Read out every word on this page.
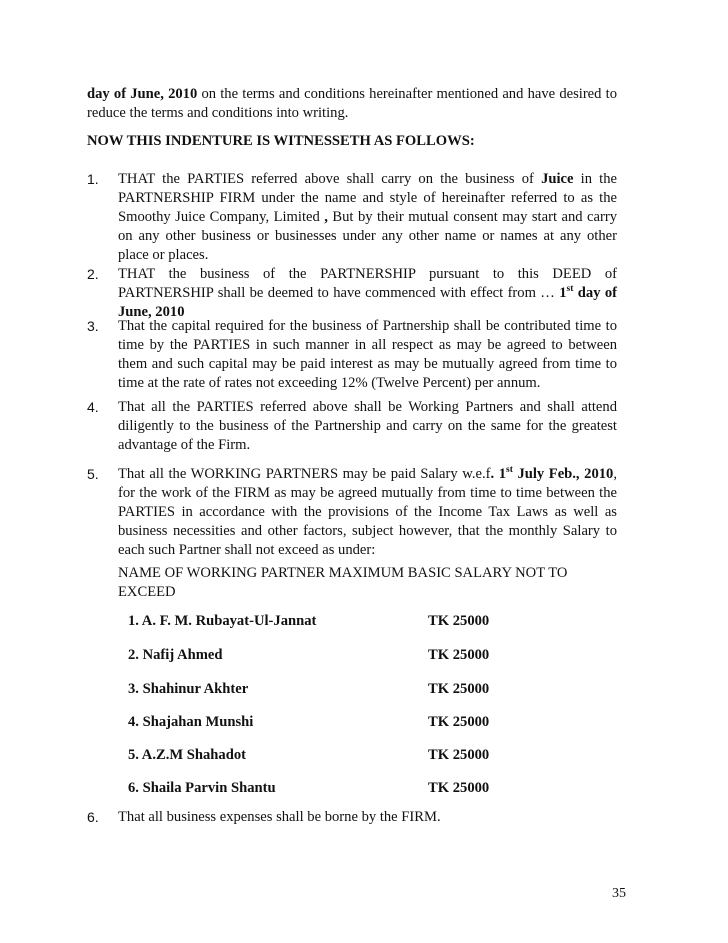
day of June, 2010 on the terms and conditions hereinafter mentioned and have desired to reduce the terms and conditions into writing.

NOW THIS INDENTURE IS WITNESSETH AS FOLLOWS:

1.	THAT the PARTIES referred above shall carry on the business of Juice in the PARTNERSHIP FIRM under the name and style of hereinafter referred to as the Smoothy Juice Company, Limited , But by their mutual consent may start and carry on any other business or businesses under any other name or names at any other place or places.

2.	THAT the business of the PARTNERSHIP pursuant to this DEED of PARTNERSHIP shall be deemed to have commenced with effect from … 1st day of June, 2010

3.	That the capital required for the business of Partnership shall be contributed time to time by the PARTIES in such manner in all respect as may be agreed to between them and such capital may be paid interest as may be mutually agreed from time to time at the rate of rates not exceeding 12% (Twelve Percent) per annum.

4.	That all the PARTIES referred above shall be Working Partners and shall attend diligently to the business of the Partnership and carry on the same for the greatest advantage of the Firm.

5.	That all the WORKING PARTNERS may be paid Salary w.e.f. 1st July Feb., 2010, for the work of the FIRM as may be agreed mutually from time to time between the PARTIES in accordance with the provisions of the Income Tax Laws as well as business necessities and other factors, subject however, that the monthly Salary to each such Partner shall not exceed as under:

NAME OF WORKING PARTNER MAXIMUM BASIC SALARY NOT TO EXCEED

1. A. F. M. Rubayat-Ul-Jannat	TK 25000
2. Nafij Ahmed	TK 25000
3. Shahinur Akhter	TK 25000
4. Shajahan Munshi	TK 25000
5. A.Z.M Shahadot	TK 25000
6. Shaila Parvin Shantu	TK 25000
6.	That all business expenses shall be borne by the FIRM.

35
